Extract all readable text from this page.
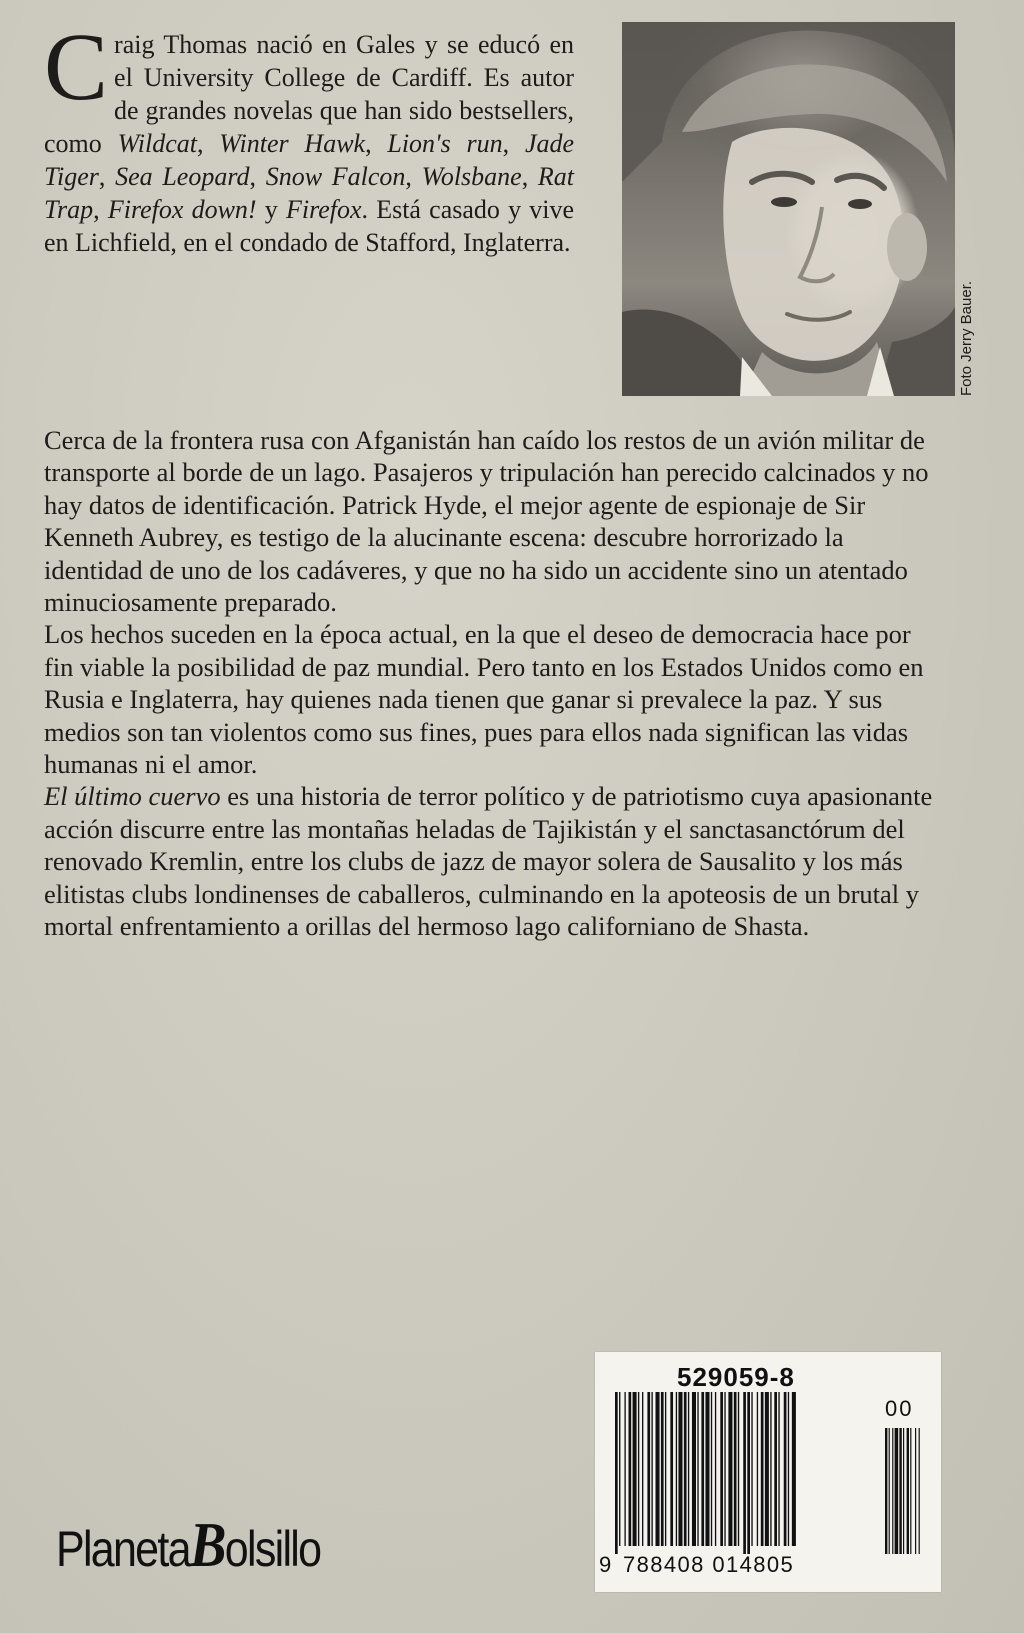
C raig Thomas nació en Gales y se educó en el University College de Cardiff. Es autor de grandes novelas que han sido bestsellers, como Wildcat, Winter Hawk, Lion's run, Jade Tiger, Sea Leopard, Snow Falcon, Wolsbane, Rat Trap, Firefox down! y Firefox. Está casado y vive en Lichfield, en el condado de Stafford, Inglaterra.

Foto Jerry Bauer.

Cerca de la frontera rusa con Afganistán han caído los restos de un avión militar de transporte al borde de un lago. Pasajeros y tripulación han perecido calcinados y no hay datos de identificación. Patrick Hyde, el mejor agente de espionaje de Sir Kenneth Aubrey, es testigo de la alucinante escena: descubre horrorizado la identidad de uno de los cadáveres, y que no ha sido un accidente sino un atentado minuciosamente preparado.

Los hechos suceden en la época actual, en la que el deseo de democracia hace por fin viable la posibilidad de paz mundial. Pero tanto en los Estados Unidos como en Rusia e Inglaterra, hay quienes nada tienen que ganar si prevalece la paz. Y sus medios son tan violentos como sus fines, pues para ellos nada significan las vidas humanas ni el amor.

El último cuervo es una historia de terror político y de patriotismo cuya apasionante acción discurre entre las montañas heladas de Tajikistán y el sanctasanctórum del renovado Kremlin, entre los clubs de jazz de mayor solera de Sausalito y los más elitistas clubs londinenses de caballeros, culminando en la apoteosis de un brutal y mortal enfrentamiento a orillas del hermoso lago californiano de Shasta.

PlanetaBolsillo
529059-8
00
9 788408 014805
